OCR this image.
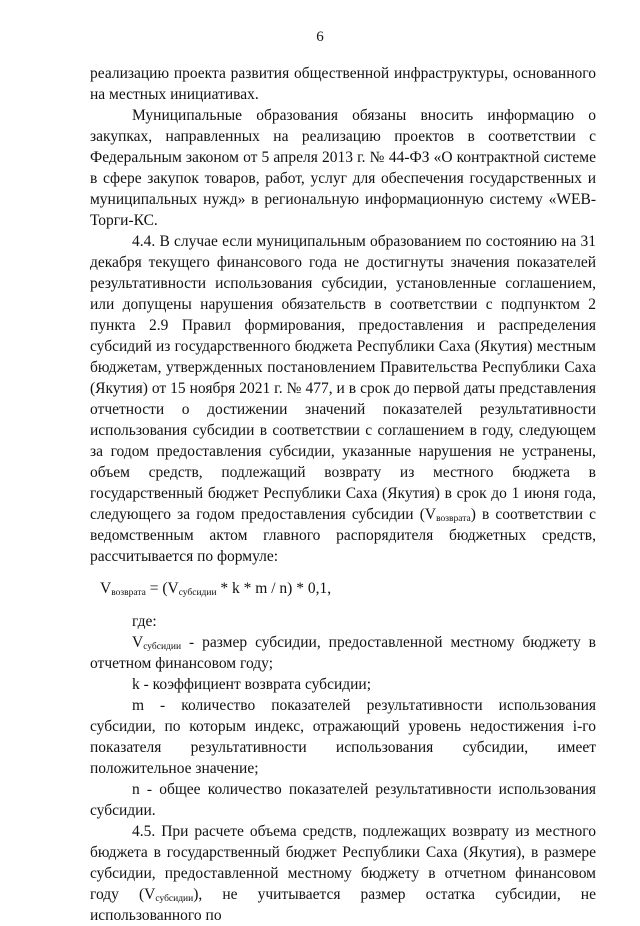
6

реализацию проекта развития общественной инфраструктуры, основанного на местных инициативах.

Муниципальные образования обязаны вносить информацию о закупках, направленных на реализацию проектов в соответствии с Федеральным законом от 5 апреля 2013 г. № 44-ФЗ «О контрактной системе в сфере закупок товаров, работ, услуг для обеспечения государственных и муниципальных нужд» в региональную информационную систему «WEB-Торги-КС.

4.4. В случае если муниципальным образованием по состоянию на 31 декабря текущего финансового года не достигнуты значения показателей результативности использования субсидии, установленные соглашением, или допущены нарушения обязательств в соответствии с подпунктом 2 пункта 2.9 Правил формирования, предоставления и распределения субсидий из государственного бюджета Республики Саха (Якутия) местным бюджетам, утвержденных постановлением Правительства Республики Саха (Якутия) от 15 ноября 2021 г. № 477, и в срок до первой даты представления отчетности о достижении значений показателей результативности использования субсидии в соответствии с соглашением в году, следующем за годом предоставления субсидии, указанные нарушения не устранены, объем средств, подлежащий возврату из местного бюджета в государственный бюджет Республики Саха (Якутия) в срок до 1 июня года, следующего за годом предоставления субсидии $(V_{возврата})$ в соответствии с ведомственным актом главного распорядителя бюджетных средств, рассчитывается по формуле:

$V_{возврата} = (V_{субсидии} * k * m / n) * 0,1$,

где:

$V_{субсидии}$ - размер субсидии, предоставленной местному бюджету в отчетном финансовом году;

k - коэффициент возврата субсидии;

m - количество показателей результативности использования субсидии, по которым индекс, отражающий уровень недостижения i-го показателя результативности использования субсидии, имеет положительное значение;

n - общее количество показателей результативности использования субсидии.

4.5. При расчете объема средств, подлежащих возврату из местного бюджета в государственный бюджет Республики Саха (Якутия), в размере субсидии, предоставленной местному бюджету в отчетном финансовом году $(V_{субсидии})$, не учитывается размер остатка субсидии, не использованного по
